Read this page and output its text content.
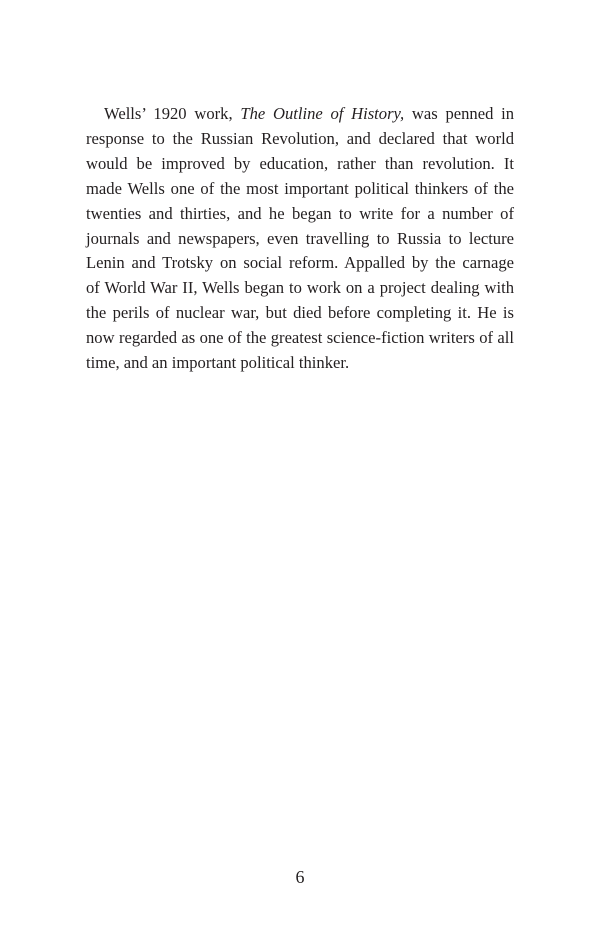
Wells’ 1920 work, The Outline of History, was penned in
response to the Russian Revolution, and declared that world
would be improved by education, rather than revolution. It
made Wells one of the most important political thinkers of the
twenties and thirties, and he began to write for a number of
journals and newspapers, even travelling to Russia to lecture
Lenin and Trotsky on social reform. Appalled by the carnage
of World War II, Wells began to work on a project dealing with
the perils of nuclear war, but died before completing it. He is
now regarded as one of the greatest science-fiction writers of all
time, and an important political thinker.
6
